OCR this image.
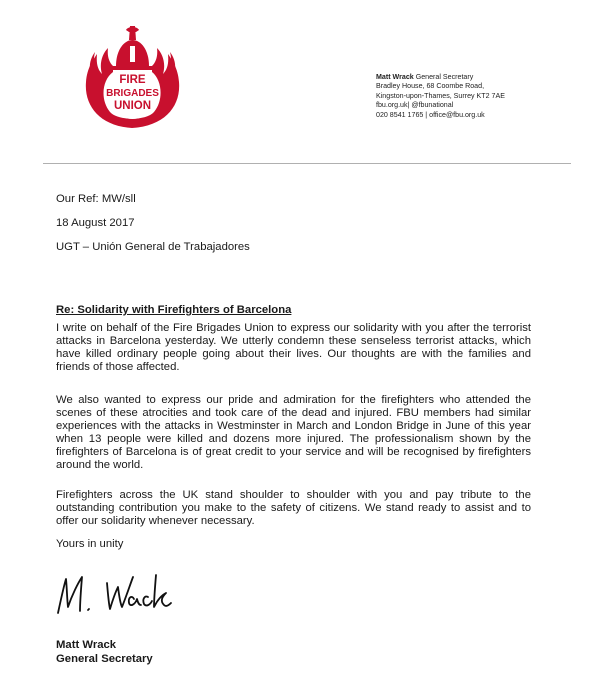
FIRE
BRIGADES
UNION
Matt Wrack General Secretary
Bradley House, 68 Coombe Road,
Kingston-upon-Thames, Surrey KT2 7AE
fbu.org.uk| @fbunational
020 8541 1765 | office@fbu.org.uk
Our Ref: MW/sll
18 August 2017
UGT – Unión General de Trabajadores
Re: Solidarity with Firefighters of Barcelona
I write on behalf of the Fire Brigades Union to express our solidarity with you after the terrorist attacks in Barcelona yesterday. We utterly condemn these senseless terrorist attacks, which have killed ordinary people going about their lives. Our thoughts are with the families and friends of those affected.
We also wanted to express our pride and admiration for the firefighters who attended the scenes of these atrocities and took care of the dead and injured. FBU members had similar experiences with the attacks in Westminster in March and London Bridge in June of this year when 13 people were killed and dozens more injured. The professionalism shown by the firefighters of Barcelona is of great credit to your service and will be recognised by firefighters around the world.
Firefighters across the UK stand shoulder to shoulder with you and pay tribute to the outstanding contribution you make to the safety of citizens. We stand ready to assist and to offer our solidarity whenever necessary.
Yours in unity
Matt Wrack
General Secretary
